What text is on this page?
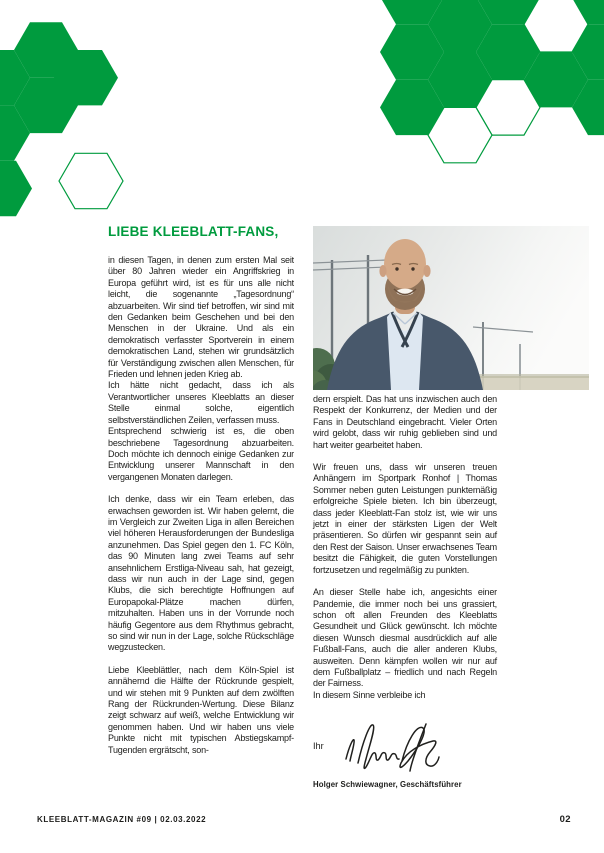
LIEBE KLEEBLATT-FANS,

in diesen Tagen, in denen zum ersten Mal seit über 80 Jahren wieder ein Angriffskrieg in Europa geführt wird, ist es für uns alle nicht leicht, die sogenannte „Tagesordnung“ abzuarbeiten. Wir sind tief betroffen, wir sind mit den Gedanken beim Geschehen und bei den Menschen in der Ukraine. Und als ein demokratisch verfasster Sportverein in einem demokratischen Land, stehen wir grundsätzlich für Verständigung zwischen allen Menschen, für Frieden und lehnen jeden Krieg ab.

Ich hätte nicht gedacht, dass ich als Verantwortlicher unseres Kleeblatts an dieser Stelle einmal solche, eigentlich selbstverständlichen Zeilen, verfassen muss.

Entsprechend schwierig ist es, die oben beschriebene Tagesordnung abzuarbeiten. Doch möchte ich dennoch einige Gedanken zur Entwicklung unserer Mannschaft in den vergangenen Monaten darlegen.

Ich denke, dass wir ein Team erleben, das erwachsen geworden ist. Wir haben gelernt, die im Vergleich zur Zweiten Liga in allen Bereichen viel höheren Herausforderungen der Bundesliga anzunehmen. Das Spiel gegen den 1. FC Köln, das 90 Minuten lang zwei Teams auf sehr ansehnlichem Erstliga-Niveau sah, hat gezeigt, dass wir nun auch in der Lage sind, gegen Klubs, die sich berechtigte Hoffnungen auf Europapokal-Plätze machen dürfen, mitzuhalten. Haben uns in der Vorrunde noch häufig Gegentore aus dem Rhythmus gebracht, so sind wir nun in der Lage, solche Rückschläge wegzustecken.

Liebe Kleeblättler, nach dem Köln-Spiel ist annähernd die Hälfte der Rückrunde gespielt, und wir stehen mit 9 Punkten auf dem zwölften Rang der Rückrunden-Wertung. Diese Bilanz zeigt schwarz auf weiß, welche Entwicklung wir genommen haben. Und wir haben uns viele Punkte nicht mit typischen Abstiegskampf-Tugenden ergrätscht, son-

dern erspielt. Das hat uns inzwischen auch den Respekt der Konkurrenz, der Medien und der Fans in Deutschland eingebracht. Vieler Orten wird gelobt, dass wir ruhig geblieben sind und hart weiter gearbeitet haben.

Wir freuen uns, dass wir unseren treuen Anhängern im Sportpark Ronhof | Thomas Sommer neben guten Leistungen punktemäßig erfolgreiche Spiele bieten. Ich bin überzeugt, dass jeder Kleeblatt-Fan stolz ist, wie wir uns jetzt in einer der stärksten Ligen der Welt präsentieren. So dürfen wir gespannt sein auf den Rest der Saison. Unser erwachsenes Team besitzt die Fähigkeit, die guten Vorstellungen fortzusetzen und regelmäßig zu punkten.

An dieser Stelle habe ich, angesichts einer Pandemie, die immer noch bei uns grassiert, schon oft allen Freunden des Kleeblatts Gesundheit und Glück gewünscht. Ich möchte diesen Wunsch diesmal ausdrücklich auf alle Fußball-Fans, auch die aller anderen Klubs, ausweiten. Denn kämpfen wollen wir nur auf dem Fußballplatz – friedlich und nach Regeln der Fairness.

In diesem Sinne verbleibe ich

Ihr

Holger Schwiewagner, Geschäftsführer

KLEEBLATT-MAGAZIN #09 | 02.03.2022	02
